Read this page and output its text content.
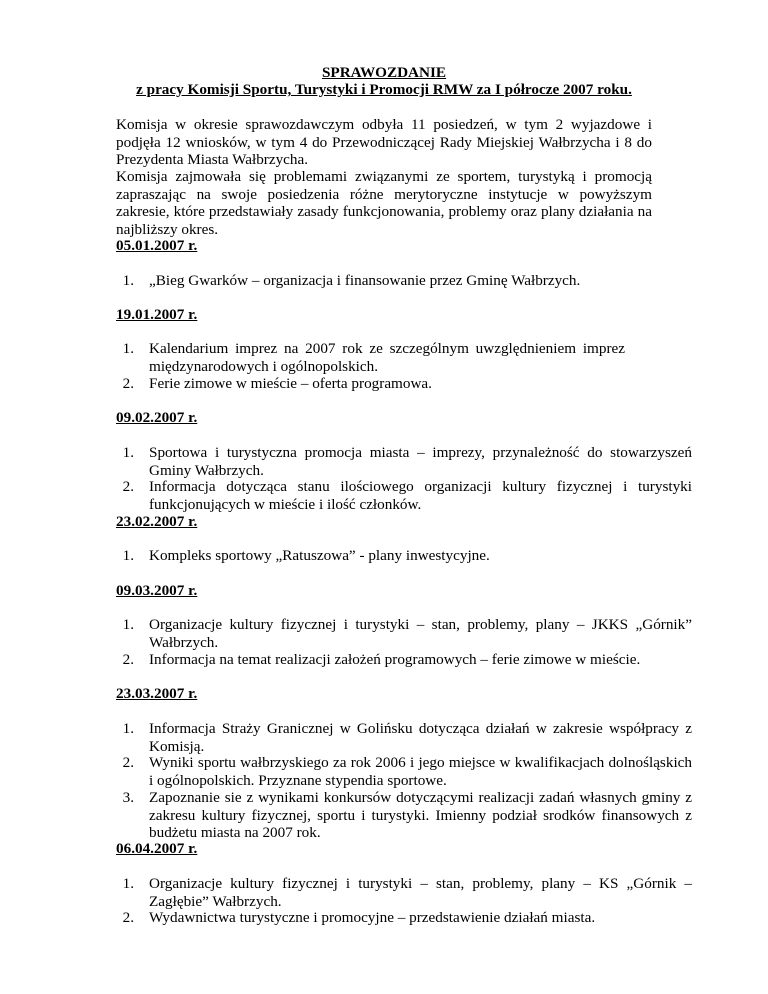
SPRAWOZDANIE
z pracy Komisji Sportu, Turystyki i Promocji RMW za I półrocze 2007 roku.
Komisja w okresie sprawozdawczym odbyła 11 posiedzeń, w tym 2 wyjazdowe i podjęła 12 wniosków, w tym 4 do Przewodniczącej Rady Miejskiej Wałbrzycha i 8 do Prezydenta Miasta Wałbrzycha.
Komisja zajmowała się problemami związanymi ze sportem, turystyką i promocją zapraszając na swoje posiedzenia różne merytoryczne instytucje w powyższym zakresie, które przedstawiały zasady funkcjonowania, problemy oraz plany działania na najbliższy okres.
05.01.2007 r.
1. „Bieg Gwarków – organizacja i finansowanie przez Gminę Wałbrzych.
19.01.2007 r.
1. Kalendarium imprez na 2007 rok ze szczególnym uwzględnieniem imprez międzynarodowych i ogólnopolskich.
2. Ferie zimowe w mieście – oferta programowa.
09.02.2007 r.
1. Sportowa i turystyczna promocja miasta – imprezy, przynależność do stowarzyszeń Gminy Wałbrzych.
2. Informacja dotycząca stanu ilościowego organizacji kultury fizycznej i turystyki funkcjonujących w mieście i ilość członków.
23.02.2007 r.
1. Kompleks sportowy „Ratuszowa” - plany inwestycyjne.
09.03.2007 r.
1. Organizacje kultury fizycznej i turystyki – stan, problemy, plany – JKKS „Górnik” Wałbrzych.
2. Informacja na temat realizacji założeń programowych – ferie zimowe w mieście.
23.03.2007 r.
1. Informacja Straży Granicznej w Golińsku dotycząca działań w zakresie współpracy z Komisją.
2. Wyniki sportu wałbrzyskiego za rok 2006 i jego miejsce w kwalifikacjach dolnośląskich i ogólnopolskich. Przyznane stypendia sportowe.
3. Zapoznanie sie z wynikami konkursów dotyczącymi realizacji zadań własnych gminy z zakresu kultury fizycznej, sportu i turystyki. Imienny podział srodków finansowych z budżetu miasta na 2007 rok.
06.04.2007 r.
1. Organizacje kultury fizycznej i turystyki – stan, problemy, plany – KS „Górnik – Zagłębie” Wałbrzych.
2. Wydawnictwa turystyczne i promocyjne – przedstawienie działań miasta.
